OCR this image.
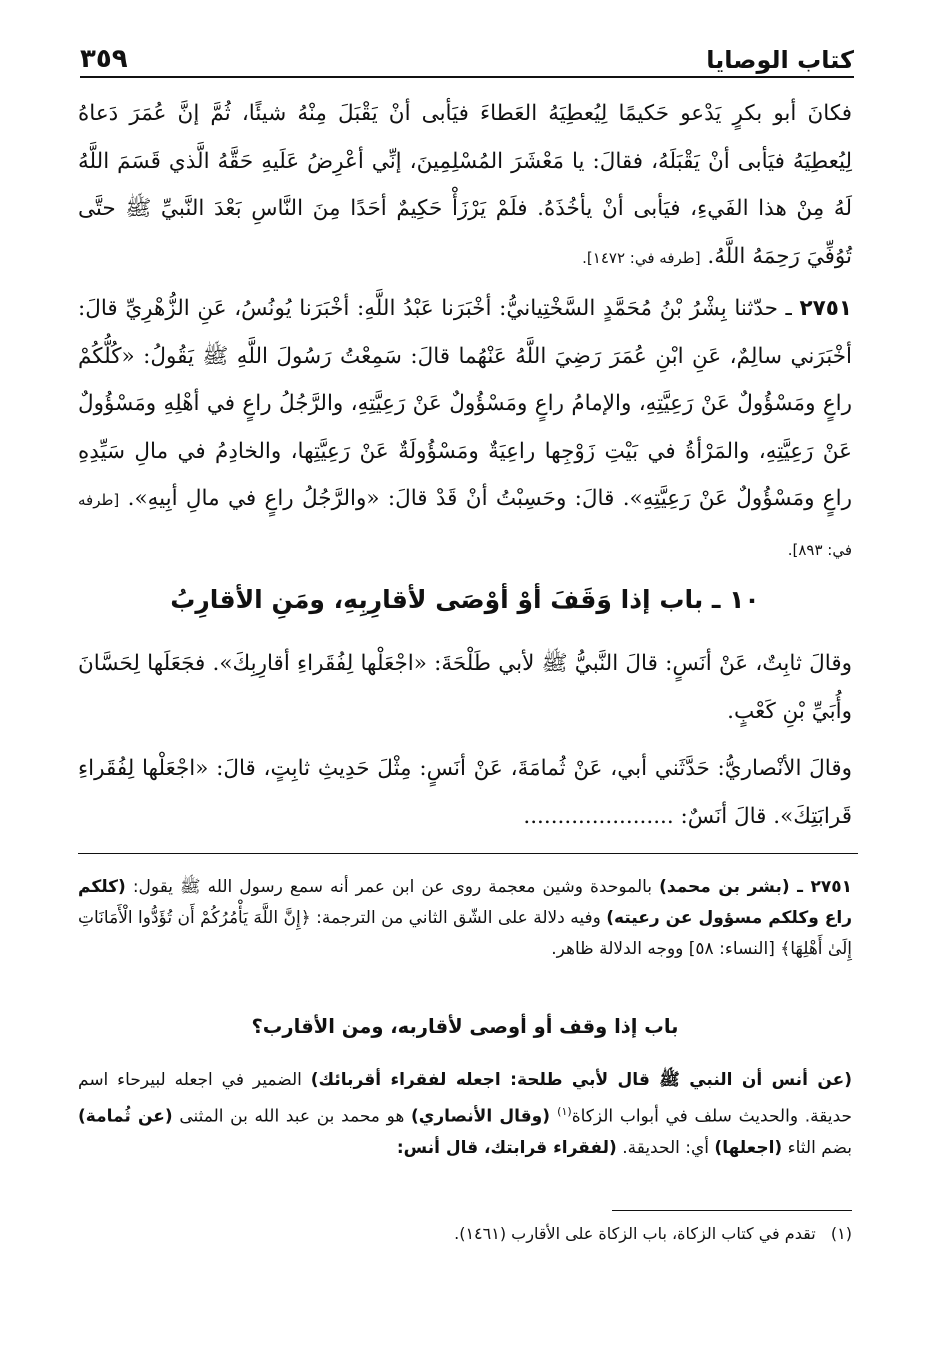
٣٥٩	كتاب الوصايا

فكانَ أبو بكرٍ يَدْعو حَكيمًا لِيُعطِيَهُ العَطاءَ فيَأبى أنْ يَقْبَلَ مِنْهُ شيئًا، ثُمَّ إنَّ عُمَرَ دَعاهُ لِيُعطِيَهُ فيَأبى أنْ يَقْبَلَهُ، فقالَ: يا مَعْشَرَ المُسْلِمِينَ، إنِّي أعْرِضُ عَلَيهِ حَقَّهُ الَّذي قَسَمَ اللَّهُ لَهُ مِنْ هذا الفَيءِ، فيَأبى أنْ يأخُذَهُ. فلَمْ يَرْزَأْ حَكِيمٌ أحَدًا مِنَ النَّاسِ بَعْدَ النَّبيِّ ﷺ حتَّى تُوُفِّيَ رَحِمَهُ اللَّهُ. [طرفه في: ١٤٧٢].

٢٧٥١ ـ حدّثنا بِشْرُ بْنُ مُحَمَّدٍ السَّخْتِيانيُّ: أخْبَرَنا عَبْدُ اللَّهِ: أخْبَرَنا يُونُسُ، عَنِ الزُّهْرِيِّ قالَ: أخْبَرَني سالِمٌ، عَنِ ابْنِ عُمَرَ رَضِيَ اللَّهُ عَنْهُما قالَ: سَمِعْتُ رَسُولَ اللَّهِ ﷺ يَقُولُ: «كُلُّكُمْ راعٍ ومَسْؤُولٌ عَنْ رَعِيَّتِهِ، والإمامُ راعٍ ومَسْؤُولٌ عَنْ رَعِيَّتِهِ، والرَّجُلُ راعٍ في أهْلِهِ ومَسْؤُولٌ عَنْ رَعِيَّتِهِ، والمَرْأةُ في بَيْتِ زَوْجِها راعِيَةٌ ومَسْؤُولَةٌ عَنْ رَعِيَّتِها، والخادِمُ في مالِ سَيِّدِهِ راعٍ ومَسْؤُولٌ عَنْ رَعِيَّتِهِ». قالَ: وحَسِبْتُ أنْ قَدْ قالَ: «والرَّجُلُ راعٍ في مالِ أبِيهِ». [طرفه في: ٨٩٣].

١٠ ـ باب إذا وَقَفَ أوْ أوْصَى لأقارِبِهِ، ومَنِ الأقارِبُ

وقالَ ثابِتٌ، عَنْ أنَسٍ: قالَ النَّبيُّ ﷺ لأبي طَلْحَةَ: «اجْعَلْها لِفُقَراءِ أقارِبِكَ». فجَعَلَها لِحَسَّانَ وأُبَيِّ بْنِ كَعْبٍ.

وقالَ الأنْصاريُّ: حَدَّثَني أبي، عَنْ ثُمامَةَ، عَنْ أنَسٍ: مِثْلَ حَدِيثِ ثابِتٍ، قالَ: «اجْعَلْها لِفُقَراءِ قَرابَتِكَ». قالَ أنَسٌ: ......................

٢٧٥١ ـ (بشر بن محمد) بالموحدة وشين معجمة روى عن ابن عمر أنه سمع رسول الله ﷺ يقول: (كلكم راع وكلكم مسؤول عن رعيته) وفيه دلالة على الشّق الثاني من الترجمة: ﴿إِنَّ اللَّهَ يَأْمُرُكُمْ أَن تُؤَدُّوا الْأَمَانَاتِ إِلَىٰ أَهْلِهَا﴾ [النساء: ٥٨] ووجه الدلالة ظاهر.

باب إذا وقف أو أوصى لأقاربه، ومن الأقارب؟

(عن أنس أن النبي ﷺ قال لأبي طلحة: اجعله لفقراء أقربائك) الضمير في اجعله لبيرحاء اسم حديقة. والحديث سلف في أبواب الزكاة$^{(١)}$ (وقال الأنصاري) هو محمد بن عبد الله بن المثنى (عن ثُمامة) بضم الثاء (اجعلها) أي: الحديقة. (لفقراء قرابتك، قال أنس:

(١)   تقدم في كتاب الزكاة، باب الزكاة على الأقارب (١٤٦١).
